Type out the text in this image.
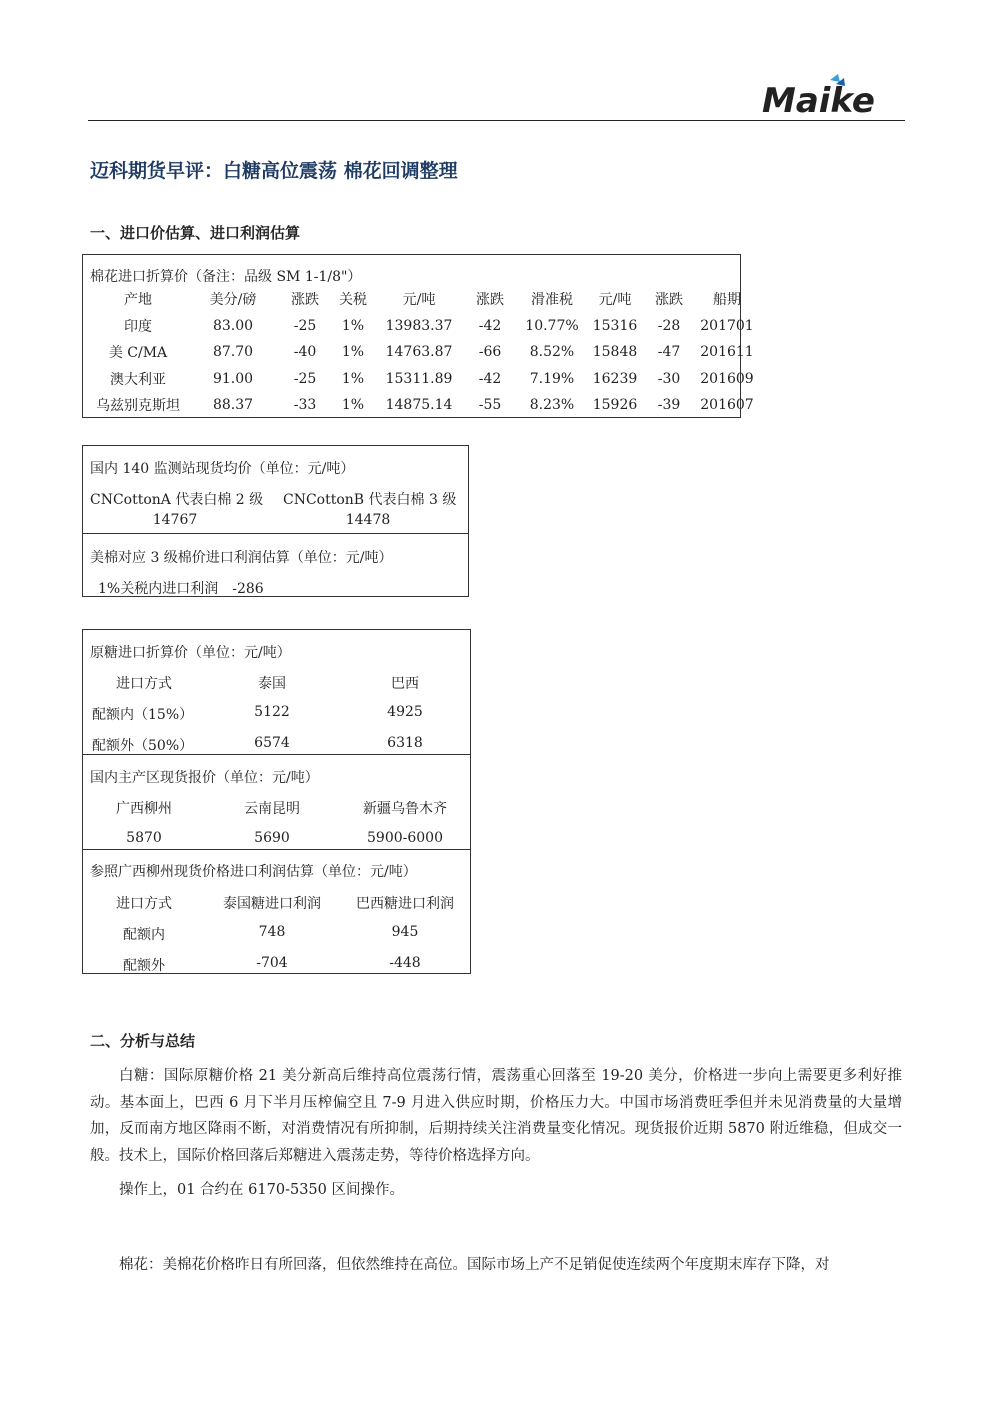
Maike
迈科期货早评：白糖高位震荡 棉花回调整理
一、进口价估算、进口利润估算
棉花进口折算价（备注：品级 SM 1-1/8"）
产地	美分/磅	涨跌	关税	元/吨	涨跌	滑准税	元/吨	涨跌	船期
印度	83.00	-25	1%	13983.37	-42	10.77%	15316	-28	201701
美 C/MA	87.70	-40	1%	14763.87	-66	8.52%	15848	-47	201611
澳大利亚	91.00	-25	1%	15311.89	-42	7.19%	16239	-30	201609
乌兹别克斯坦	88.37	-33	1%	14875.14	-55	8.23%	15926	-39	201607
国内 140 监测站现货均价（单位：元/吨）
CNCottonA 代表白棉 2 级 CNCottonB 代表白棉 3 级
14767	14478
美棉对应 3 级棉价进口利润估算（单位：元/吨）
1%关税内进口利润　-286
原糖进口折算价（单位：元/吨）
进口方式	泰国	巴西
配额内（15%）	5122	4925
配额外（50%）	6574	6318
国内主产区现货报价（单位：元/吨）
广西柳州	云南昆明	新疆乌鲁木齐
5870	5690	5900-6000
参照广西柳州现货价格进口利润估算（单位：元/吨）
进口方式	泰国糖进口利润	巴西糖进口利润
配额内	748	945
配额外	-704	-448
二、分析与总结
白糖：国际原糖价格 21 美分新高后维持高位震荡行情，震荡重心回落至 19-20 美分，价格进一步向上需要更多利好推动。基本面上，巴西 6 月下半月压榨偏空且 7-9 月进入供应时期，价格压力大。中国市场消费旺季但并未见消费量的大量增加，反而南方地区降雨不断，对消费情况有所抑制，后期持续关注消费量变化情况。现货报价近期 5870 附近维稳，但成交一般。技术上，国际价格回落后郑糖进入震荡走势，等待价格选择方向。
操作上，01 合约在 6170-5350 区间操作。
棉花：美棉花价格昨日有所回落，但依然维持在高位。国际市场上产不足销促使连续两个年度期末库存下降，对
